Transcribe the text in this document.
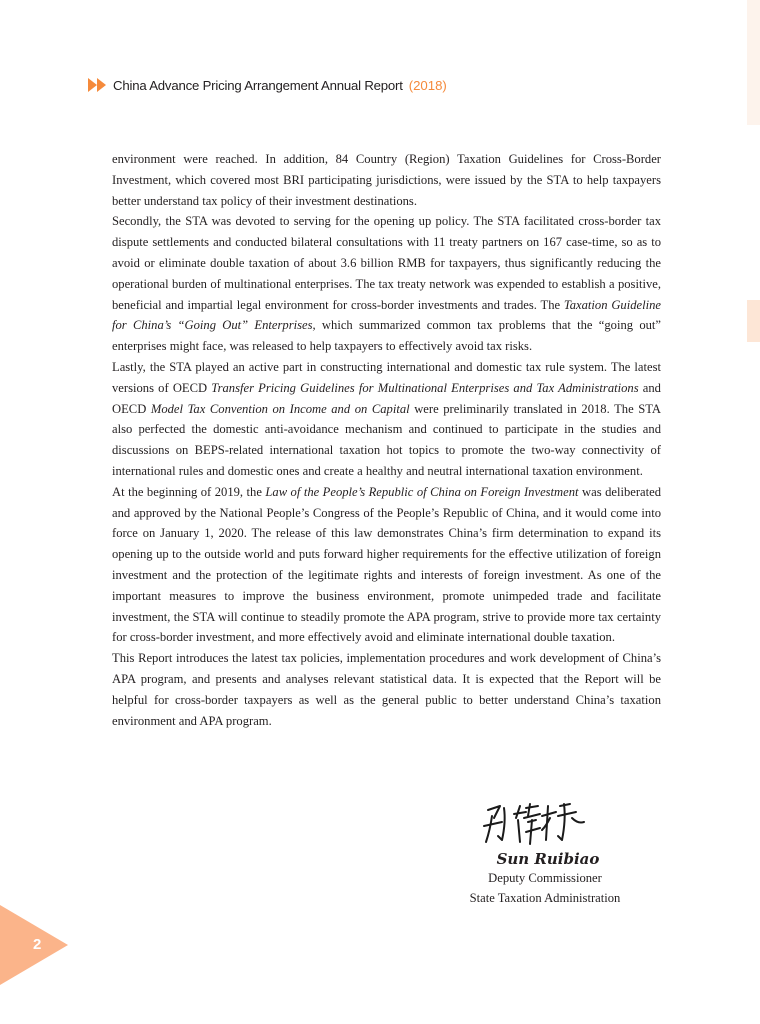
China Advance Pricing Arrangement Annual Report (2018)

environment were reached. In addition, 84 Country (Region) Taxation Guidelines for Cross-Border Investment, which covered most BRI participating jurisdictions, were issued by the STA to help taxpayers better understand tax policy of their investment destinations.

Secondly, the STA was devoted to serving for the opening up policy. The STA facilitated cross-border tax dispute settlements and conducted bilateral consultations with 11 treaty partners on 167 case-time, so as to avoid or eliminate double taxation of about 3.6 billion RMB for taxpayers, thus significantly reducing the operational burden of multinational enterprises. The tax treaty network was expended to establish a positive, beneficial and impartial legal environment for cross-border investments and trades. The Taxation Guideline for China’s “Going Out” Enterprises, which summarized common tax problems that the “going out” enterprises might face, was released to help taxpayers to effectively avoid tax risks.

Lastly, the STA played an active part in constructing international and domestic tax rule system. The latest versions of OECD Transfer Pricing Guidelines for Multinational Enterprises and Tax Administrations and OECD Model Tax Convention on Income and on Capital were preliminarily translated in 2018. The STA also perfected the domestic anti-avoidance mechanism and continued to participate in the studies and discussions on BEPS-related international taxation hot topics to promote the two-way connectivity of international rules and domestic ones and create a healthy and neutral international taxation environment.

At the beginning of 2019, the Law of the People’s Republic of China on Foreign Investment was deliberated and approved by the National People’s Congress of the People’s Republic of China, and it would come into force on January 1, 2020. The release of this law demonstrates China’s firm determination to expand its opening up to the outside world and puts forward higher requirements for the effective utilization of foreign investment and the protection of the legitimate rights and interests of foreign investment. As one of the important measures to improve the business environment, promote unimpeded trade and facilitate investment, the STA will continue to steadily promote the APA program, strive to provide more tax certainty for cross-border investment, and more effectively avoid and eliminate international double taxation.

This Report introduces the latest tax policies, implementation procedures and work development of China’s APA program, and presents and analyses relevant statistical data. It is expected that the Report will be helpful for cross-border taxpayers as well as the general public to better understand China’s taxation environment and APA program.

Sun Ruibiao
Deputy Commissioner
State Taxation Administration
2
